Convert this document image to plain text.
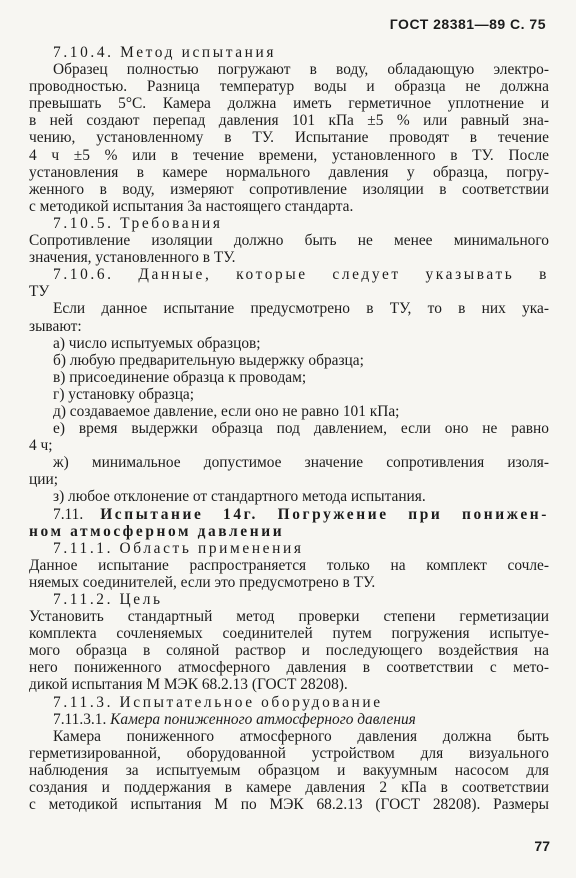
ГОСТ 28381—89 С. 75
7.10.4. Метод испытания
Образец полностью погружают в воду, обладающую электро-
проводностью. Разница температур воды и образца не должна
превышать 5°С. Камера должна иметь герметичное уплотнение и
в ней создают перепад давления 101 кПа ±5 % или равный зна-
чению, установленному в ТУ. Испытание проводят в течение
4 ч ±5 % или в течение времени, установленного в ТУ. После
установления в камере нормального давления у образца, погру-
женного в воду, измеряют сопротивление изоляции в соответствии
с методикой испытания 3а настоящего стандарта.
7.10.5. Требования
Сопротивление изоляции должно быть не менее минимального
значения, установленного в ТУ.
7.10.6. Данные, которые следует указывать в
ТУ
Если данное испытание предусмотрено в ТУ, то в них ука-
зывают:
а) число испытуемых образцов;
б) любую предварительную выдержку образца;
в) присоединение образца к проводам;
г) установку образца;
д) создаваемое давление, если оно не равно 101 кПа;
е) время выдержки образца под давлением, если оно не равно
4 ч;
ж) минимальное допустимое значение сопротивления изоля-
ции;
з) любое отклонение от стандартного метода испытания.
7.11. Испытание 14г. Погружение при понижен-
ном атмосферном давлении
7.11.1. Область применения
Данное испытание распространяется только на комплект сочле-
няемых соединителей, если это предусмотрено в ТУ.
7.11.2. Цель
Установить стандартный метод проверки степени герметизации
комплекта сочленяемых соединителей путем погружения испытуе-
мого образца в соляной раствор и последующего воздействия на
него пониженного атмосферного давления в соответствии с мето-
дикой испытания М МЭК 68.2.13 (ГОСТ 28208).
7.11.3. Испытательное оборудование
7.11.3.1. Камера пониженного атмосферного давления
Камера пониженного атмосферного давления должна быть
герметизированной, оборудованной устройством для визуального
наблюдения за испытуемым образцом и вакуумным насосом для
создания и поддержания в камере давления 2 кПа в соответствии
с методикой испытания М по МЭК 68.2.13 (ГОСТ 28208). Размеры
77
